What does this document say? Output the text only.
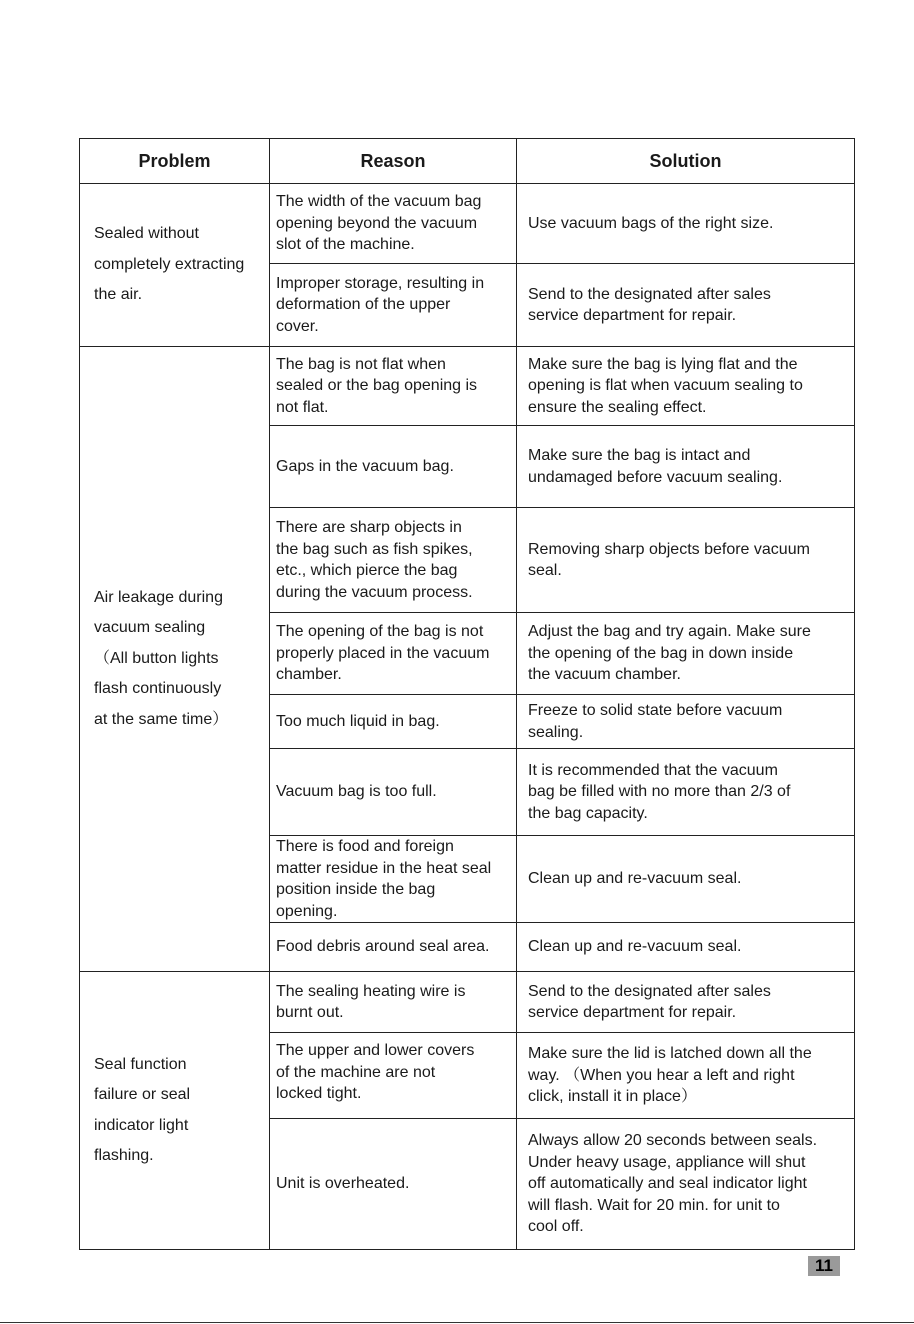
Problem	Reason	Solution
Sealed without
completely extracting
the air.	The width of the vacuum bag
opening beyond the vacuum
slot of the machine.	Use vacuum bags of the right size.
	Improper storage, resulting in
deformation of the upper
cover.	Send to the designated after sales
service department for repair.
Air leakage during
vacuum sealing
（All button lights
flash continuously
at the same time）	The bag is not flat when
sealed or the bag opening is
not flat.	Make sure the bag is lying flat and the
opening is flat when vacuum sealing to
ensure the sealing effect.
	Gaps in the vacuum bag.	Make sure the bag is intact and
undamaged before vacuum sealing.
	There are sharp objects in
the bag such as fish spikes,
etc., which pierce the bag
during the vacuum process.	Removing sharp objects before vacuum
seal.
	The opening of the bag is not
properly placed in the vacuum
chamber.	Adjust the bag and try again. Make sure
the opening of the bag in down inside
the vacuum chamber.
	Too much liquid in bag.	Freeze to solid state before vacuum
sealing.
	Vacuum bag is too full.	It is recommended that the vacuum
bag be filled with no more than 2/3 of
the bag capacity.
	There is food and foreign
matter residue in the heat seal
position inside the bag
opening.	Clean up and re-vacuum seal.
	Food debris around seal area.	Clean up and re-vacuum seal.
Seal function
failure or seal
indicator light
flashing.	The sealing heating wire is
burnt out.	Send to the designated after sales
service department for repair.
	The upper and lower covers
of the machine are not
locked tight.	Make sure the lid is latched down all the
way. （When you hear a left and right
click, install it in place）
	Unit is overheated.	Always allow 20 seconds between seals.
Under heavy usage, appliance will shut
off automatically and seal indicator light
will flash. Wait for 20 min. for unit to
cool off.
11
